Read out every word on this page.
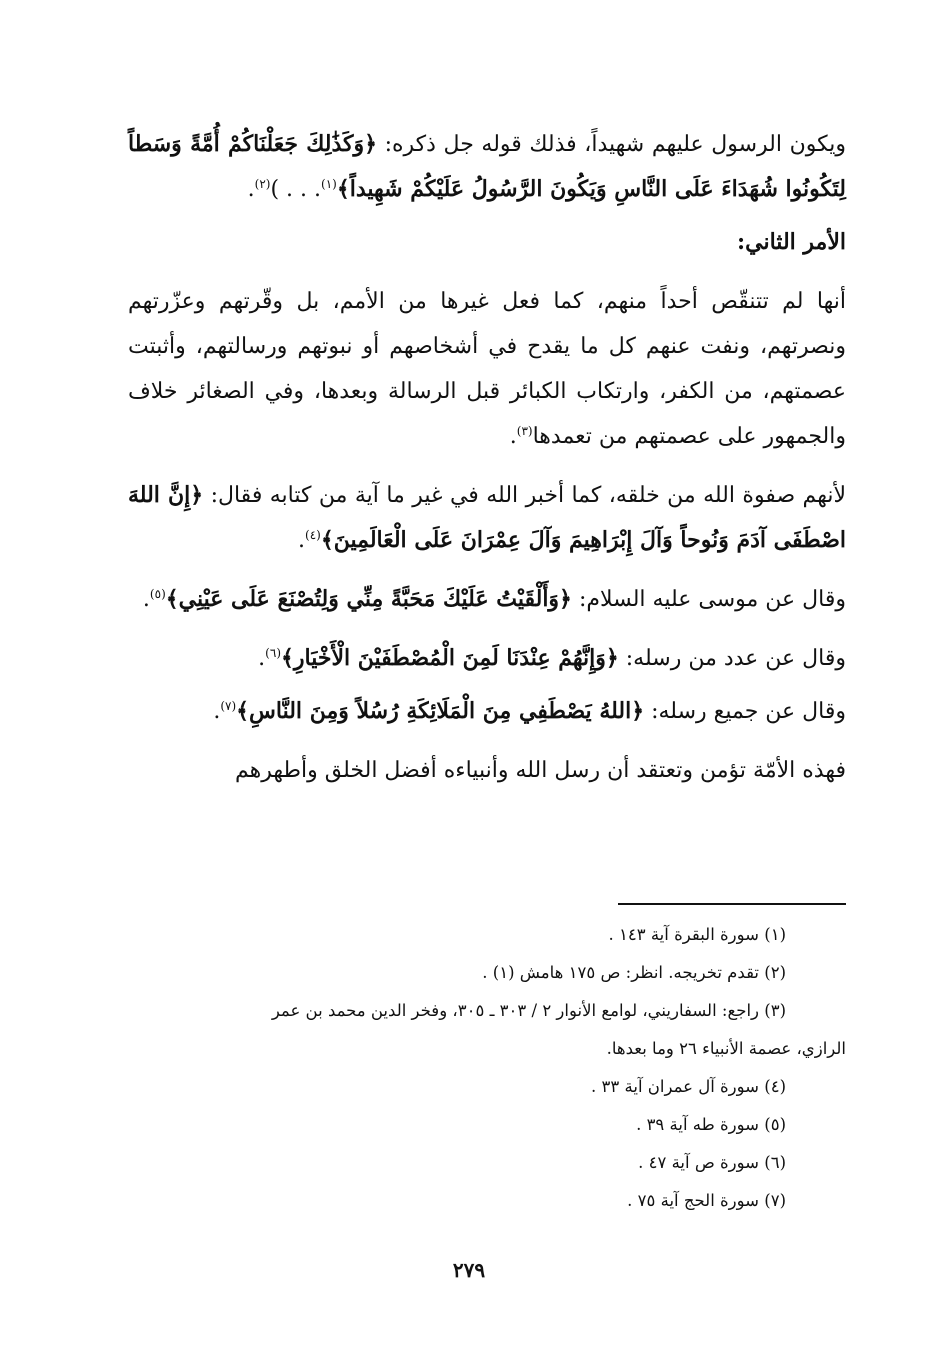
ويكون الرسول عليهم شهيداً، فذلك قوله جل ذكره: ﴿وَكَذَٰلِكَ جَعَلْنَاكُمْ أُمَّةً وَسَطاً لِتَكُونُوا شُهَدَاءَ عَلَى النَّاسِ وَيَكُونَ الرَّسُولُ عَلَيْكُمْ شَهِيداً﴾$^{(١)}$. . . )$^{(٢)}$.

الأمر الثاني:

أنها لم تتنقّص أحداً منهم، كما فعل غيرها من الأمم، بل وقّرتهم وعزّرتهم ونصرتهم، ونفت عنهم كل ما يقدح في أشخاصهم أو نبوتهم ورسالتهم، وأثبتت عصمتهم، من الكفر، وارتكاب الكبائر قبل الرسالة وبعدها، وفي الصغائر خلاف والجمهور على عصمتهم من تعمدها$^{(٣)}$.

لأنهم صفوة الله من خلقه، كما أخبر الله في غير ما آية من كتابه فقال: ﴿إِنَّ اللهَ اصْطَفَى آدَمَ وَنُوحاً وَآلَ إِبْرَاهِيمَ وَآلَ عِمْرَانَ عَلَى الْعَالَمِينَ﴾$^{(٤)}$.

وقال عن موسى عليه السلام: ﴿وَأَلْقَيْتُ عَلَيْكَ مَحَبَّةً مِنِّي وَلِتُصْنَعَ عَلَى عَيْنِي﴾$^{(٥)}$.

وقال عن عدد من رسله: ﴿وَإِنَّهُمْ عِنْدَنَا لَمِنَ الْمُصْطَفَيْنَ الْأَخْيَارِ﴾$^{(٦)}$.

وقال عن جميع رسله: ﴿اللهُ يَصْطَفِي مِنَ الْمَلَائِكَةِ رُسُلاً وَمِنَ النَّاسِ﴾$^{(٧)}$.

فهذه الأمّة تؤمن وتعتقد أن رسل الله وأنبياءه أفضل الخلق وأطهرهم

(١) سورة البقرة آية ١٤٣ .

(٢) تقدم تخريجه. انظر: ص ١٧٥ هامش (١) .

(٣) راجع: السفاريني، لوامع الأنوار ٢ / ٣٠٣ ـ ٣٠٥، وفخر الدين محمد بن عمر

الرازي، عصمة الأنبياء ٢٦ وما بعدها.

(٤) سورة آل عمران آية ٣٣ .

(٥) سورة طه آية ٣٩ .

(٦) سورة ص آية ٤٧ .

(٧) سورة الحج آية ٧٥ .

٢٧٩
